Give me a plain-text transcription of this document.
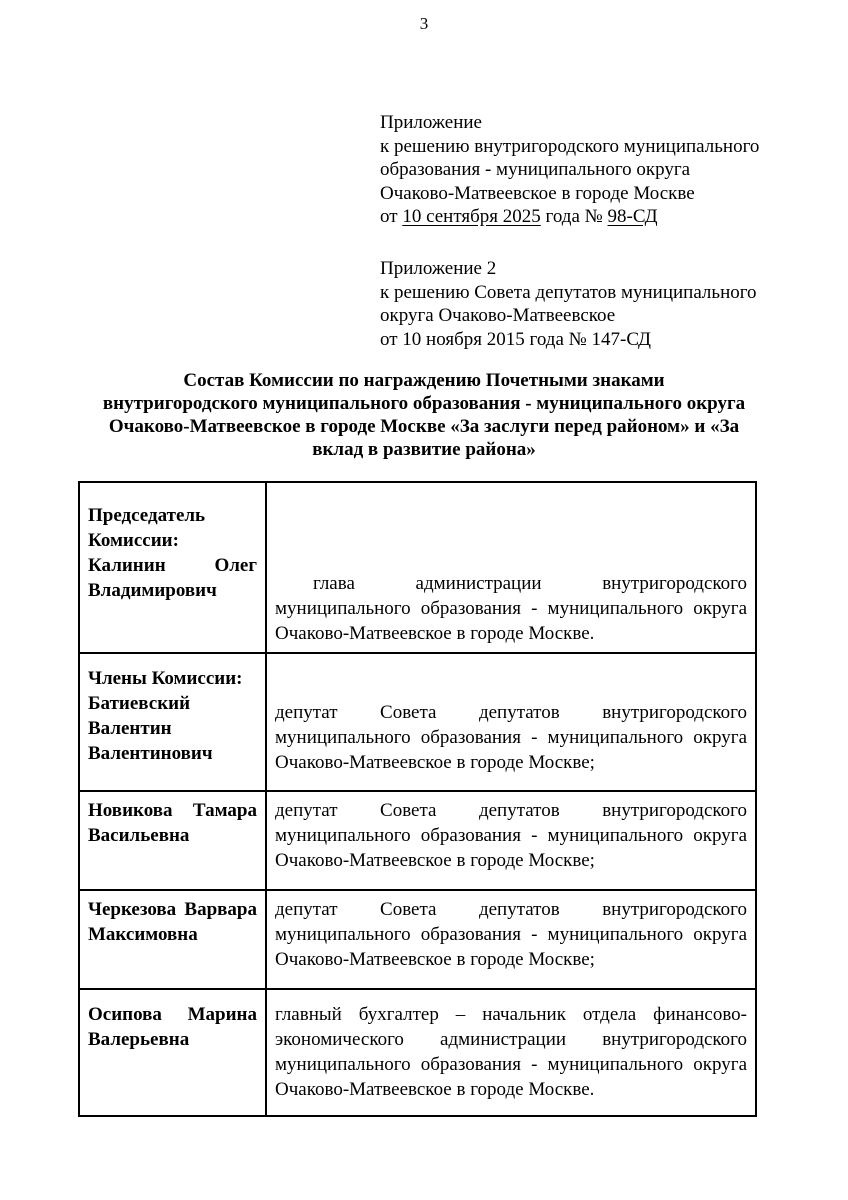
3
Приложение
к решению внутригородского муниципального
образования - муниципального округа
Очаково-Матвеевское в городе Москве
от 10 сентября 2025 года № 98-СД
Приложение 2
к решению Совета депутатов муниципального
округа Очаково-Матвеевское
от 10 ноября 2015 года № 147-СД
Состав Комиссии по награждению Почетными знаками
внутригородского муниципального образования - муниципального округа
Очаково-Матвеевское в городе Москве «За заслуги перед районом» и «За
вклад в развитие района»

Председатель Комиссии:

Калинин Олег Владимирович	глава администрации внутригородского муниципального образования - муниципального округа Очаково-Матвеевское в городе Москве.

Члены Комиссии:

Батиевский Валентин Валентинович	депутат Совета депутатов внутригородского муниципального образования - муниципального округа Очаково-Матвеевское в городе Москве;

Новикова Тамара Васильевна	депутат Совета депутатов внутригородского муниципального образования - муниципального округа Очаково-Матвеевское в городе Москве;

Черкезова Варвара Максимовна	депутат Совета депутатов внутригородского муниципального образования - муниципального округа Очаково-Матвеевское в городе Москве;

Осипова Марина Валерьевна	главный бухгалтер – начальник отдела финансово-экономического администрации внутригородского муниципального образования - муниципального округа Очаково-Матвеевское в городе Москве.
